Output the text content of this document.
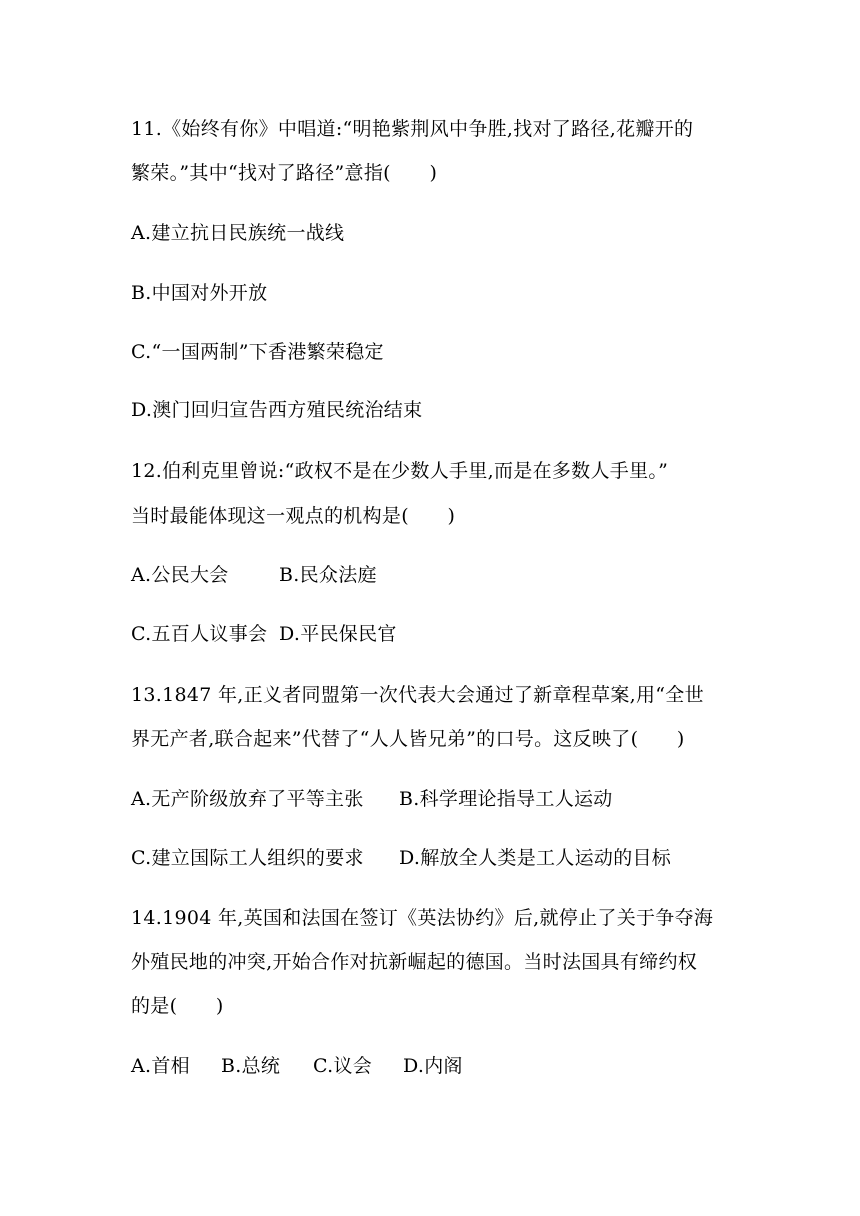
11.《始终有你》中唱道:“明艳紫荆风中争胜,找对了路径,花瓣开的
繁荣。”其中“找对了路径”意指(　　)
A.建立抗日民族统一战线
B.中国对外开放
C.“一国两制”下香港繁荣稳定
D.澳门回归宣告西方殖民统治结束
12.伯利克里曾说:“政权不是在少数人手里,而是在多数人手里。”
当时最能体现这一观点的机构是(　　)
A.公民大会	B.民众法庭
C.五百人议事会 D.平民保民官
13.1847 年,正义者同盟第一次代表大会通过了新章程草案,用“全世
界无产者,联合起来”代替了“人人皆兄弟”的口号。这反映了(　　)
A.无产阶级放弃了平等主张 B.科学理论指导工人运动
C.建立国际工人组织的要求 D.解放全人类是工人运动的目标
14.1904 年,英国和法国在签订《英法协约》后,就停止了关于争夺海
外殖民地的冲突,开始合作对抗新崛起的德国。当时法国具有缔约权
的是(　　)
A.首相 B.总统 C.议会 D.内阁
